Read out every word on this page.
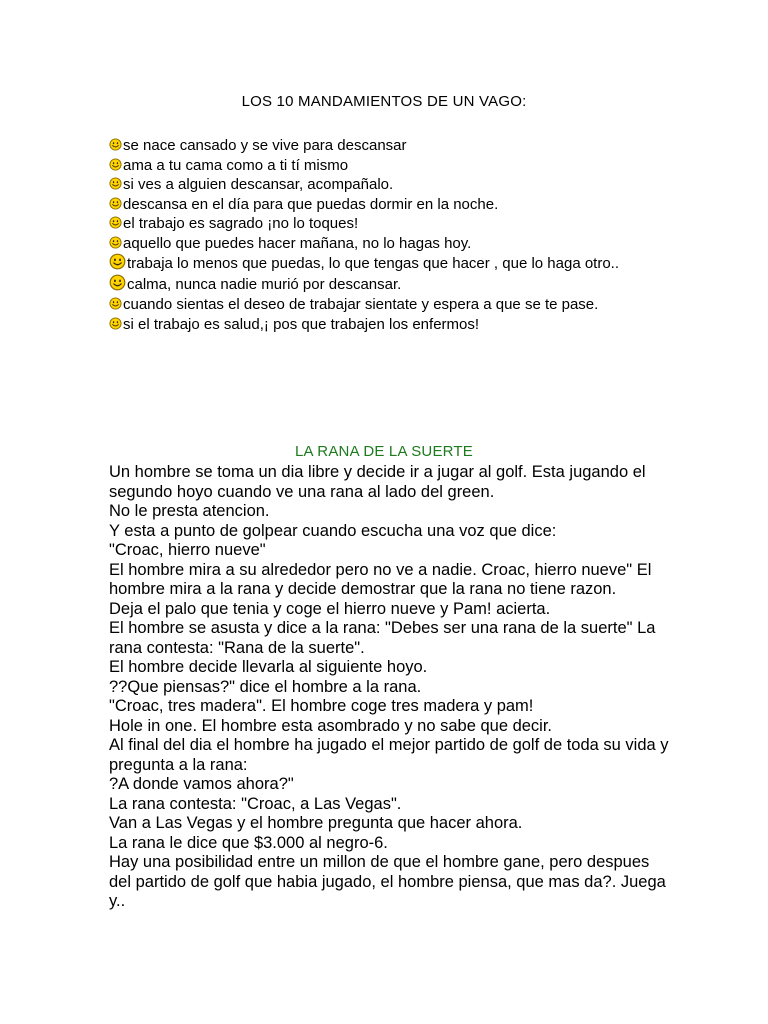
LOS 10 MANDAMIENTOS DE UN VAGO:
se nace cansado y se vive para descansar
ama a tu cama como a ti tí mismo
si ves a alguien descansar, acompañalo.
descansa en el día para que puedas dormir en la noche.
el trabajo es sagrado ¡no lo toques!
aquello que puedes hacer mañana, no lo hagas hoy.
trabaja lo menos que puedas, lo que tengas que hacer , que lo haga otro..
calma, nunca nadie murió por descansar.
cuando sientas el deseo de trabajar sientate y espera a que se te pase.
si el trabajo es salud,¡ pos que trabajen los enfermos!
LA RANA DE LA SUERTE

Un hombre se toma un dia libre y decide ir a jugar al golf. Esta jugando el segundo hoyo cuando ve una rana al lado del green.

No le presta atencion.

Y esta a punto de golpear cuando escucha una voz que dice:

"Croac, hierro nueve"

El hombre mira a su alrededor pero no ve a nadie. Croac, hierro nueve" El hombre mira a la rana y decide demostrar que la rana no tiene razon.

Deja el palo que tenia y coge el hierro nueve y Pam! acierta.

El hombre se asusta y dice a la rana: "Debes ser una rana de la suerte" La rana contesta: "Rana de la suerte".

El hombre decide llevarla al siguiente hoyo.

??Que piensas?" dice el hombre a la rana.

"Croac, tres madera". El hombre coge tres madera y pam!

Hole in one. El hombre esta asombrado y no sabe que decir.

Al final del dia el hombre ha jugado el mejor partido de golf de toda su vida y pregunta a la rana:

?A donde vamos ahora?"

La rana contesta: "Croac, a Las Vegas".

Van a Las Vegas y el hombre pregunta que hacer ahora.

La rana le dice que $3.000 al negro-6.

Hay una posibilidad entre un millon de que el hombre gane, pero despues del partido de golf que habia jugado, el hombre piensa, que mas da?. Juega y..
